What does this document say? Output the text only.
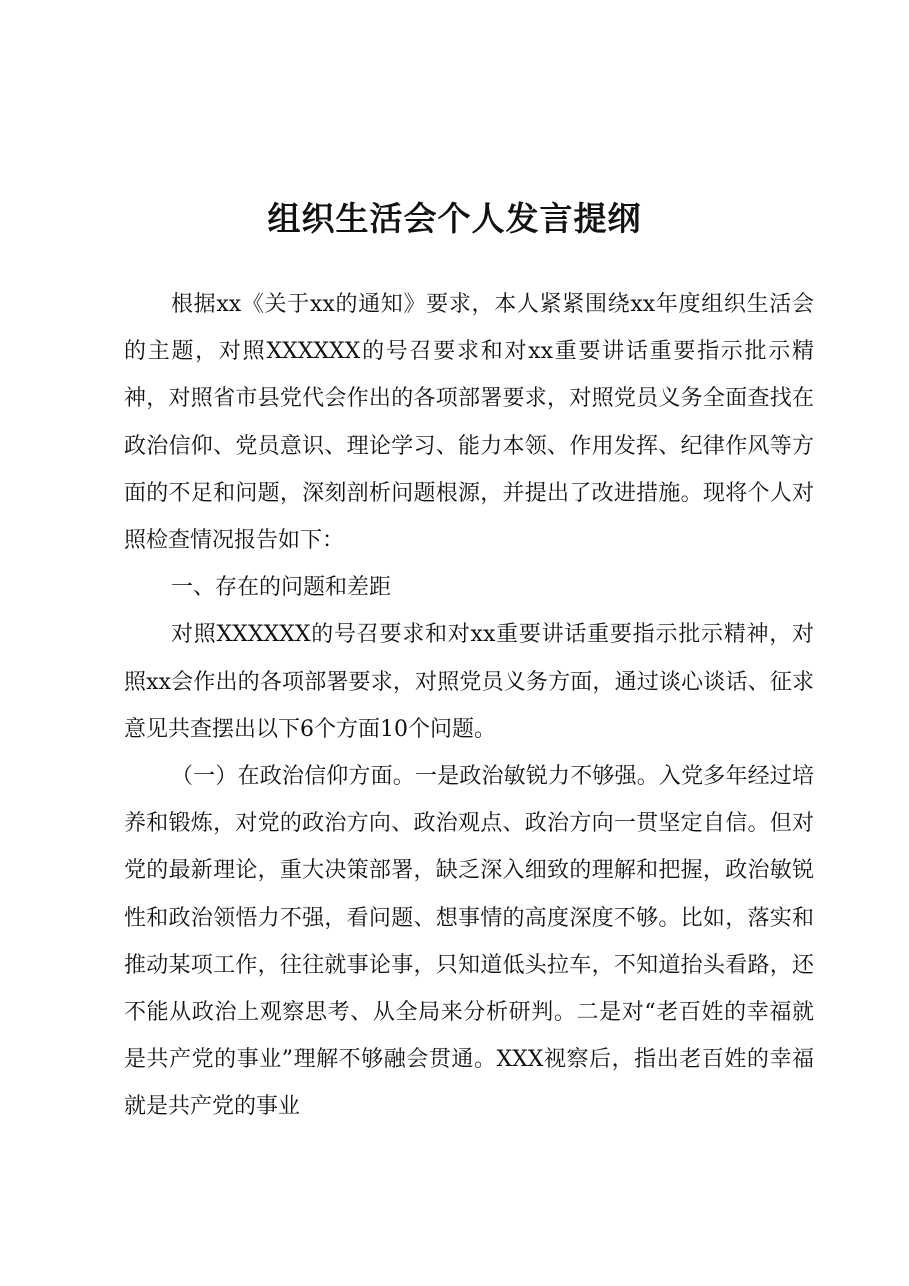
组织生活会个人发言提纲

根据xx《关于xx的通知》要求，本人紧紧围绕xx年度组织生活会的主题，对照XXXXXX的号召要求和对xx重要讲话重要指示批示精神，对照省市县党代会作出的各项部署要求，对照党员义务全面查找在政治信仰、党员意识、理论学习、能力本领、作用发挥、纪律作风等方面的不足和问题，深刻剖析问题根源，并提出了改进措施。现将个人对照检查情况报告如下：

一、存在的问题和差距

对照XXXXXX的号召要求和对xx重要讲话重要指示批示精神，对照xx会作出的各项部署要求，对照党员义务方面，通过谈心谈话、征求意见共查摆出以下6个方面10个问题。

（一）在政治信仰方面。一是政治敏锐力不够强。入党多年经过培养和锻炼，对党的政治方向、政治观点、政治方向一贯坚定自信。但对党的最新理论，重大决策部署，缺乏深入细致的理解和把握，政治敏锐性和政治领悟力不强，看问题、想事情的高度深度不够。比如，落实和推动某项工作，往往就事论事，只知道低头拉车，不知道抬头看路，还不能从政治上观察思考、从全局来分析研判。二是对“老百姓的幸福就是共产党的事业”理解不够融会贯通。XXX视察后，指出老百姓的幸福就是共产党的事业
